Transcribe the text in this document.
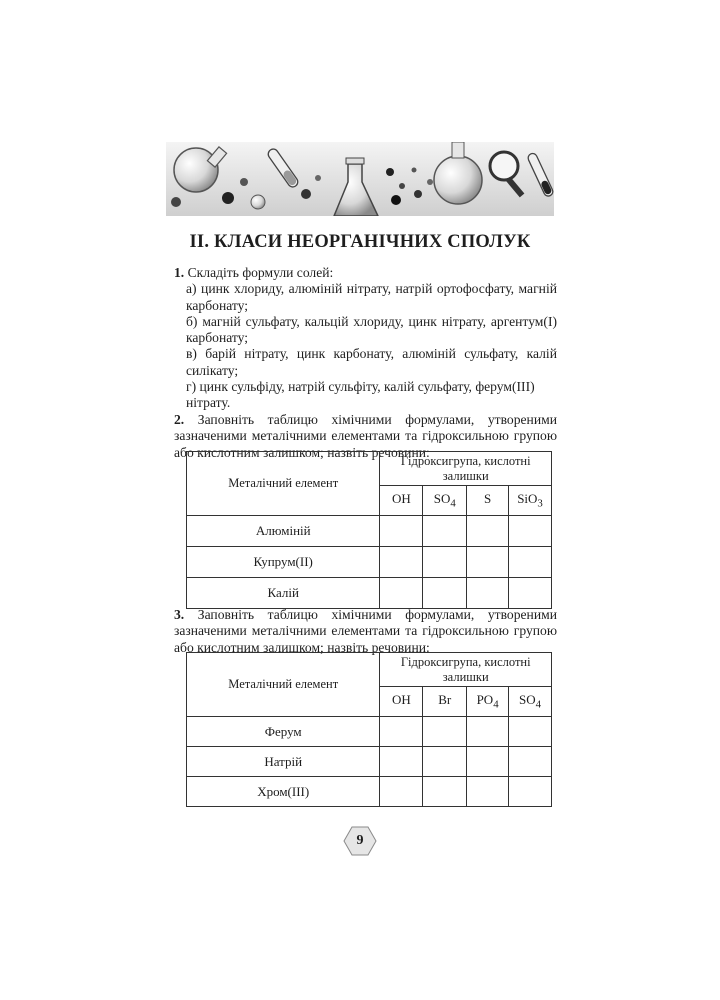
II. КЛАСИ НЕОРГАНІЧНИХ СПОЛУК

1. Складіть формули солей:

а) цинк хлориду, алюміній нітрату, натрій ортофосфату, магній карбонату;

б) магній сульфату, кальцій хлориду, цинк нітрату, аргентум(І) карбонату;

в) барій нітрату, цинк карбонату, алюміній сульфату, калій силікату;

г) цинк сульфіду, натрій сульфіту, калій сульфату, ферум(ІІІ) нітрату.

2. Заповніть таблицю хімічними формулами, утвореними зазначеними металічними елементами та гідроксильною групою або кислотним залишком; назвіть речовини:

Металічний елемент	Гідроксигрупа, кислотні залишки			
	OH	$SO_4$	S	SiO$_3$
Алюміній				
Купрум(ІІ)				
Калій				

3. Заповніть таблицю хімічними формулами, утвореними зазначеними металічними елементами та гідроксильною групою або кислотним залишком; назвіть речовини:

Металічний елемент	Гідроксигрупа, кислотні залишки			
	OH	Br	$PO_4$	$SO_4$
Ферум				
Натрій				
Хром(ІІІ)				
9
